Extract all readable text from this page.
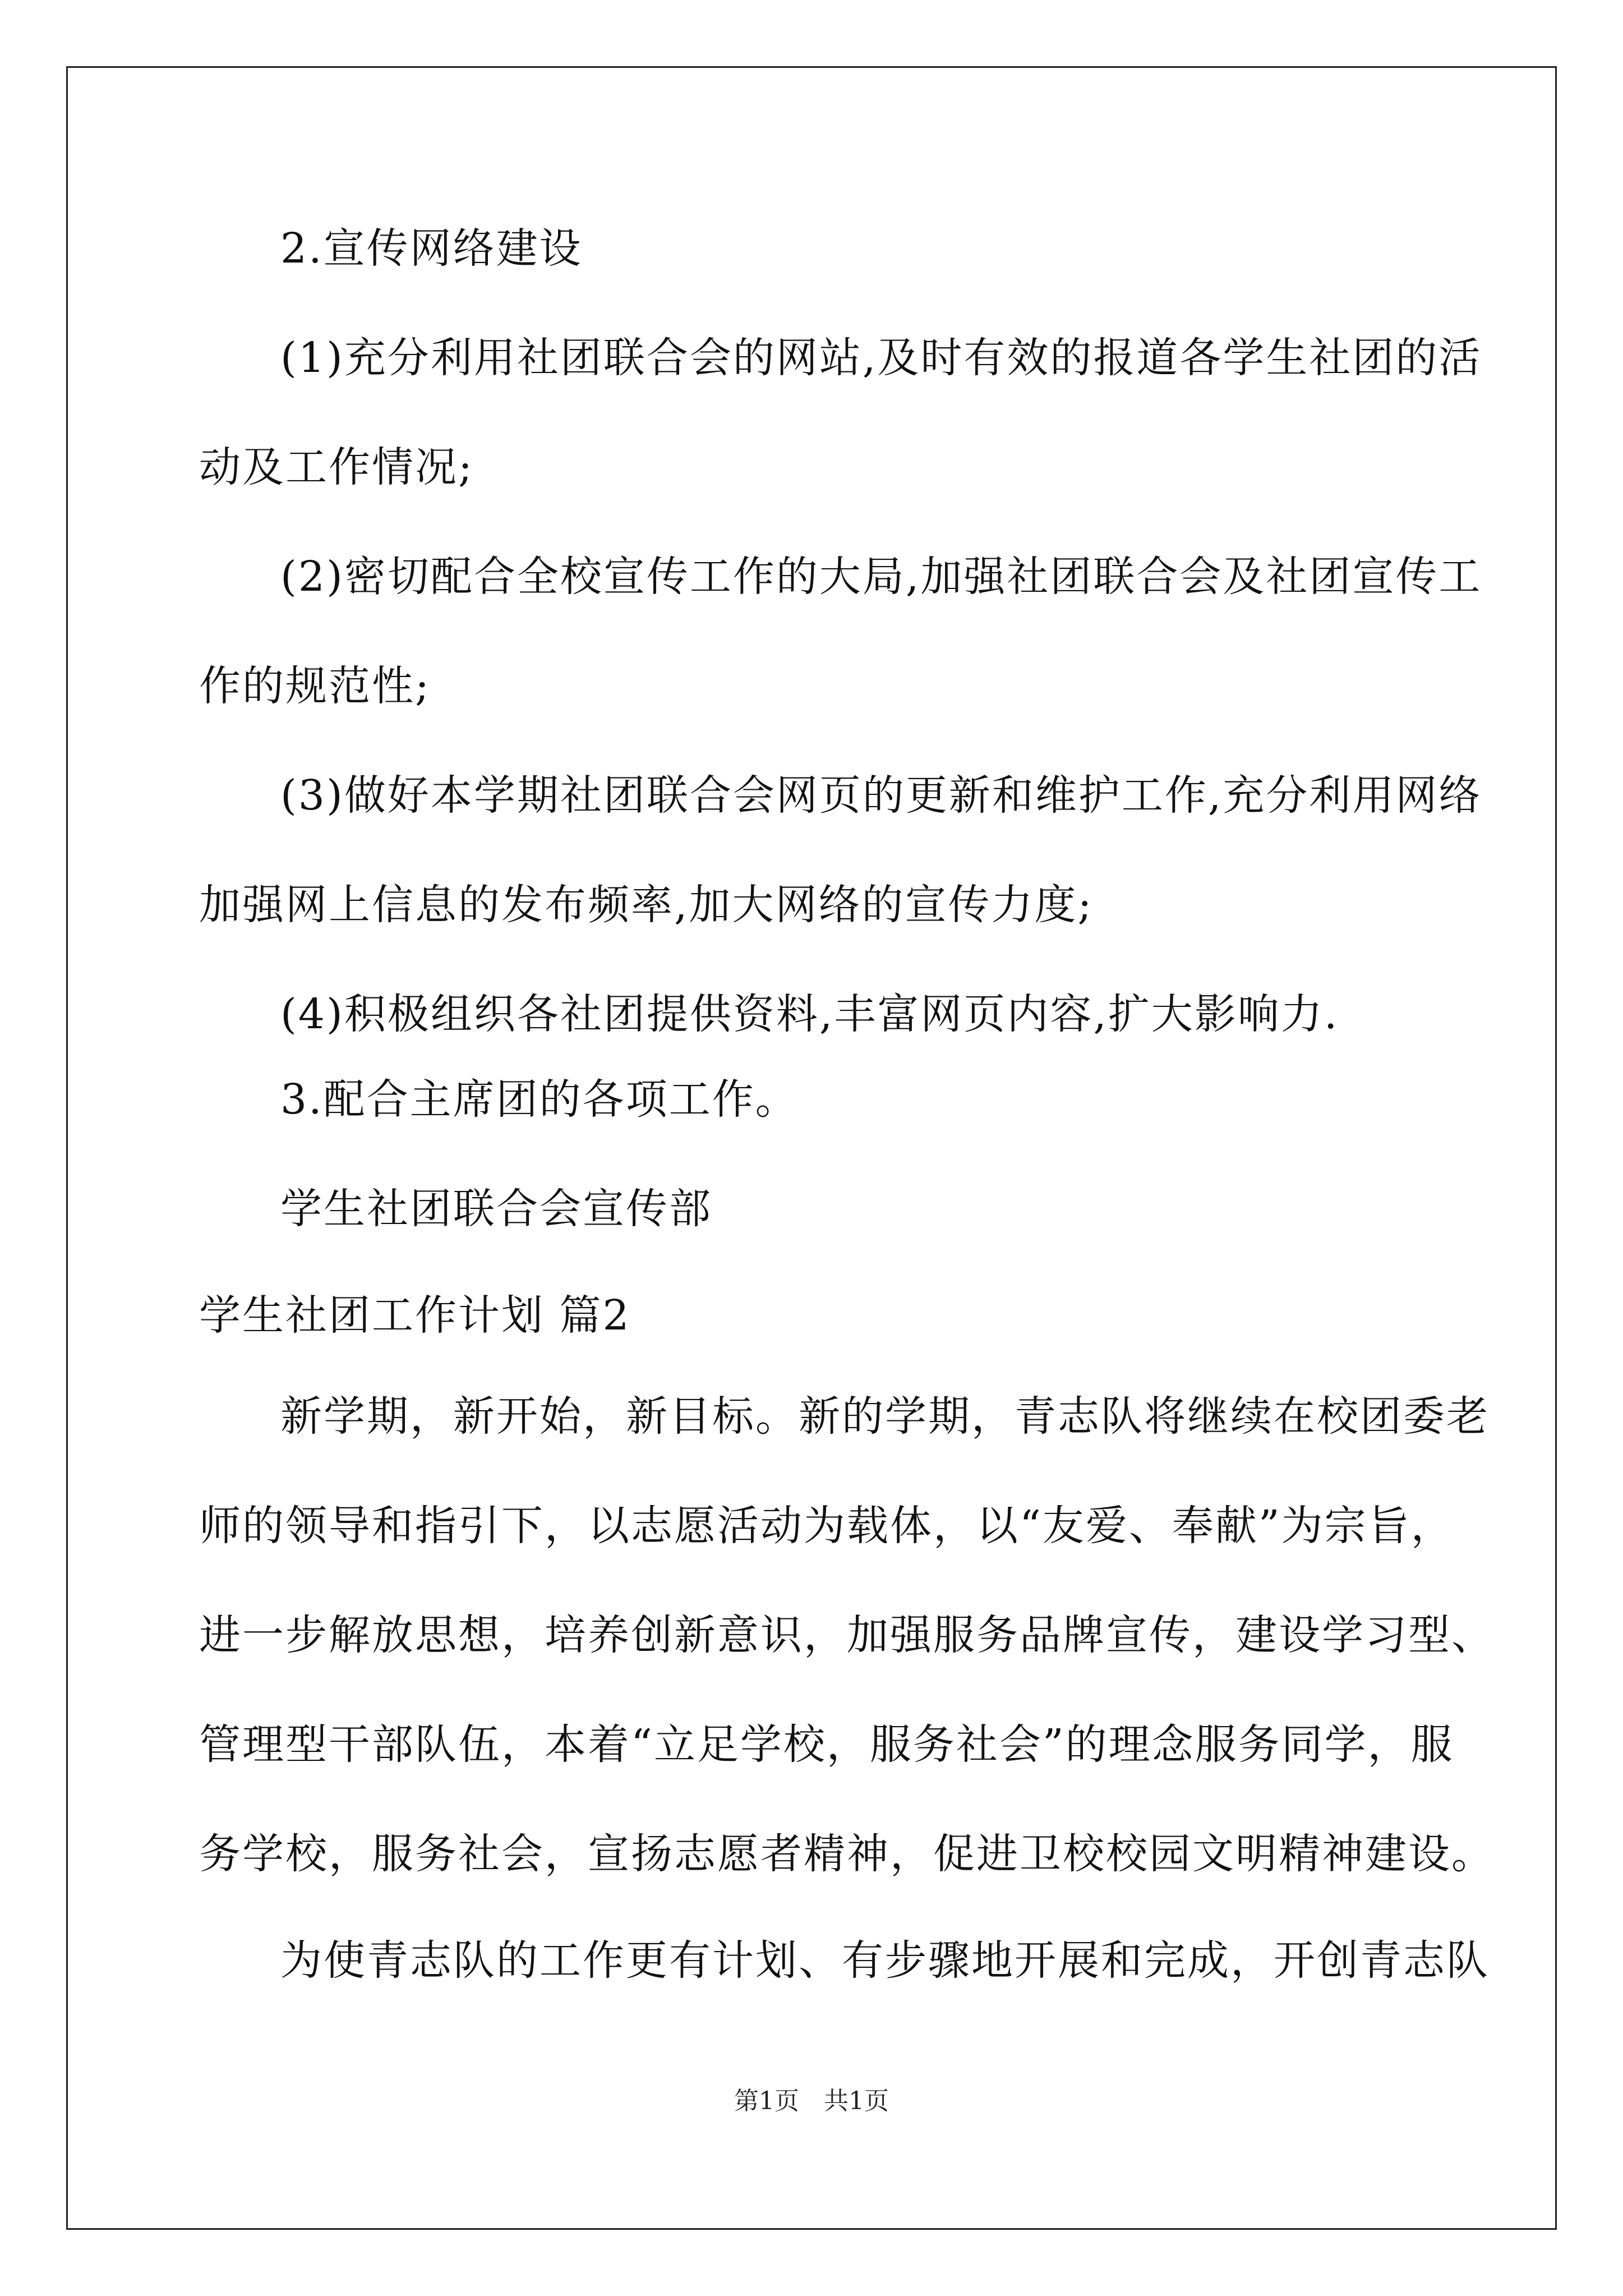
2.宣传网络建设
(1)充分利用社团联合会的网站,及时有效的报道各学生社团的活
动及工作情况;
(2)密切配合全校宣传工作的大局,加强社团联合会及社团宣传工
作的规范性;
(3)做好本学期社团联合会网页的更新和维护工作,充分利用网络
加强网上信息的发布频率,加大网络的宣传力度;
(4)积极组织各社团提供资料,丰富网页内容,扩大影响力.
3.配合主席团的各项工作。
学生社团联合会宣传部
学生社团工作计划 篇2
新学期，新开始，新目标。新的学期，青志队将继续在校团委老
师的领导和指引下，以志愿活动为载体，以“友爱、奉献”为宗旨，
进一步解放思想，培养创新意识，加强服务品牌宣传，建设学习型、
管理型干部队伍，本着“立足学校，服务社会”的理念服务同学，服
务学校，服务社会，宣扬志愿者精神，促进卫校校园文明精神建设。
为使青志队的工作更有计划、有步骤地开展和完成，开创青志队
第1页　共1页
